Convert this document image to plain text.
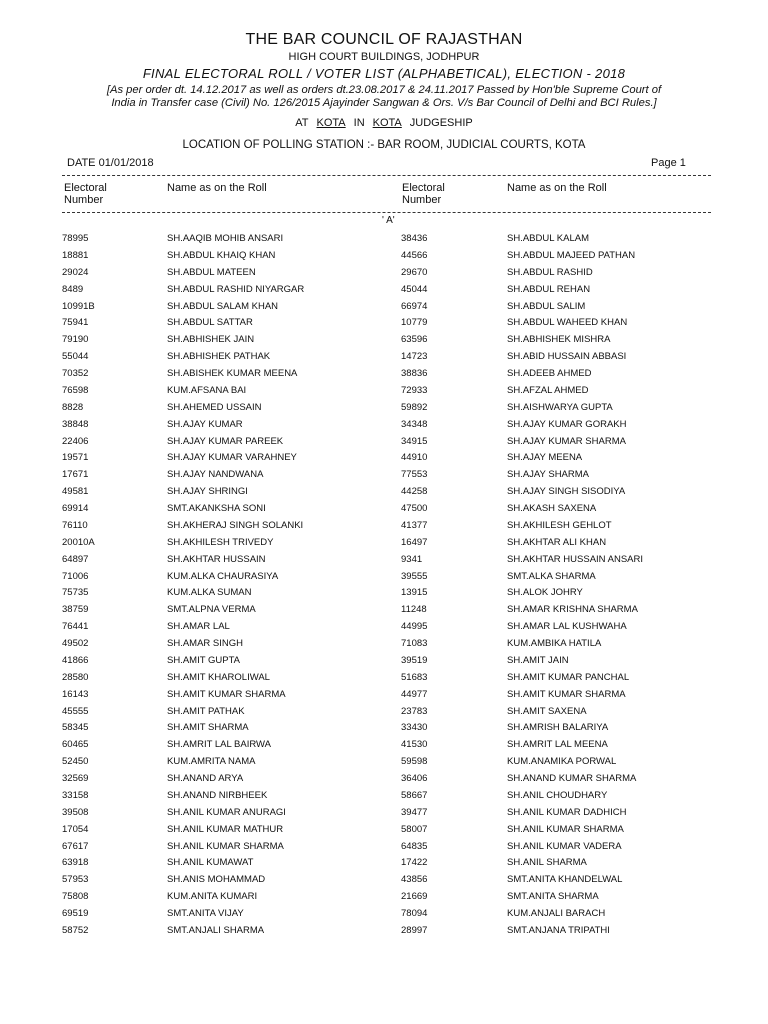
THE BAR COUNCIL OF RAJASTHAN
HIGH COURT BUILDINGS, JODHPUR
FINAL ELECTORAL ROLL / VOTER LIST (ALPHABETICAL), ELECTION - 2018
[As per order dt. 14.12.2017 as well as orders dt.23.08.2017 & 24.11.2017 Passed by Hon'ble Supreme Court of
India in Transfer case (Civil) No. 126/2015 Ajayinder Sangwan & Ors. V/s Bar Council of Delhi and BCI Rules.]
AT KOTA IN KOTA JUDGESHIP
LOCATION OF POLLING STATION :- BAR ROOM, JUDICIAL COURTS, KOTA
DATE 01/01/2018	Page 1
Electoral
Number
Name as on the Roll	Electoral
Number
Name as on the Roll
' A'
78995	SH.AAQIB MOHIB ANSARI	38436	SH.ABDUL KALAM
18881	SH.ABDUL KHAIQ KHAN	44566	SH.ABDUL MAJEED PATHAN
29024	SH.ABDUL MATEEN	29670	SH.ABDUL RASHID
8489	SH.ABDUL RASHID NIYARGAR	45044	SH.ABDUL REHAN
10991B	SH.ABDUL SALAM KHAN	66974	SH.ABDUL SALIM
75941	SH.ABDUL SATTAR	10779	SH.ABDUL WAHEED KHAN
79190	SH.ABHISHEK JAIN	63596	SH.ABHISHEK MISHRA
55044	SH.ABHISHEK PATHAK	14723	SH.ABID HUSSAIN ABBASI
70352	SH.ABISHEK KUMAR MEENA	38836	SH.ADEEB AHMED
76598	KUM.AFSANA BAI	72933	SH.AFZAL AHMED
8828	SH.AHEMED USSAIN	59892	SH.AISHWARYA GUPTA
38848	SH.AJAY KUMAR	34348	SH.AJAY KUMAR GORAKH
22406	SH.AJAY KUMAR PAREEK	34915	SH.AJAY KUMAR SHARMA
19571	SH.AJAY KUMAR VARAHNEY	44910	SH.AJAY MEENA
17671	SH.AJAY NANDWANA	77553	SH.AJAY SHARMA
49581	SH.AJAY SHRINGI	44258	SH.AJAY SINGH SISODIYA
69914	SMT.AKANKSHA SONI	47500	SH.AKASH SAXENA
76110	SH.AKHERAJ SINGH SOLANKI	41377	SH.AKHILESH GEHLOT
20010A	SH.AKHILESH TRIVEDY	16497	SH.AKHTAR ALI KHAN
64897	SH.AKHTAR HUSSAIN	9341	SH.AKHTAR HUSSAIN ANSARI
71006	KUM.ALKA CHAURASIYA	39555	SMT.ALKA SHARMA
75735	KUM.ALKA SUMAN	13915	SH.ALOK JOHRY
38759	SMT.ALPNA VERMA	11248	SH.AMAR KRISHNA SHARMA
76441	SH.AMAR LAL	44995	SH.AMAR LAL KUSHWAHA
49502	SH.AMAR SINGH	71083	KUM.AMBIKA HATILA
41866	SH.AMIT GUPTA	39519	SH.AMIT JAIN
28580	SH.AMIT KHAROLIWAL	51683	SH.AMIT KUMAR PANCHAL
16143	SH.AMIT KUMAR SHARMA	44977	SH.AMIT KUMAR SHARMA
45555	SH.AMIT PATHAK	23783	SH.AMIT SAXENA
58345	SH.AMIT SHARMA	33430	SH.AMRISH BALARIYA
60465	SH.AMRIT LAL BAIRWA	41530	SH.AMRIT LAL MEENA
52450	KUM.AMRITA NAMA	59598	KUM.ANAMIKA PORWAL
32569	SH.ANAND ARYA	36406	SH.ANAND KUMAR SHARMA
33158	SH.ANAND NIRBHEEK	58667	SH.ANIL CHOUDHARY
39508	SH.ANIL KUMAR ANURAGI	39477	SH.ANIL KUMAR DADHICH
17054	SH.ANIL KUMAR MATHUR	58007	SH.ANIL KUMAR SHARMA
67617	SH.ANIL KUMAR SHARMA	64835	SH.ANIL KUMAR VADERA
63918	SH.ANIL KUMAWAT	17422	SH.ANIL SHARMA
57953	SH.ANIS MOHAMMAD	43856	SMT.ANITA KHANDELWAL
75808	KUM.ANITA KUMARI	21669	SMT.ANITA SHARMA
69519	SMT.ANITA VIJAY	78094	KUM.ANJALI BARACH
58752	SMT.ANJALI SHARMA	28997	SMT.ANJANA TRIPATHI
